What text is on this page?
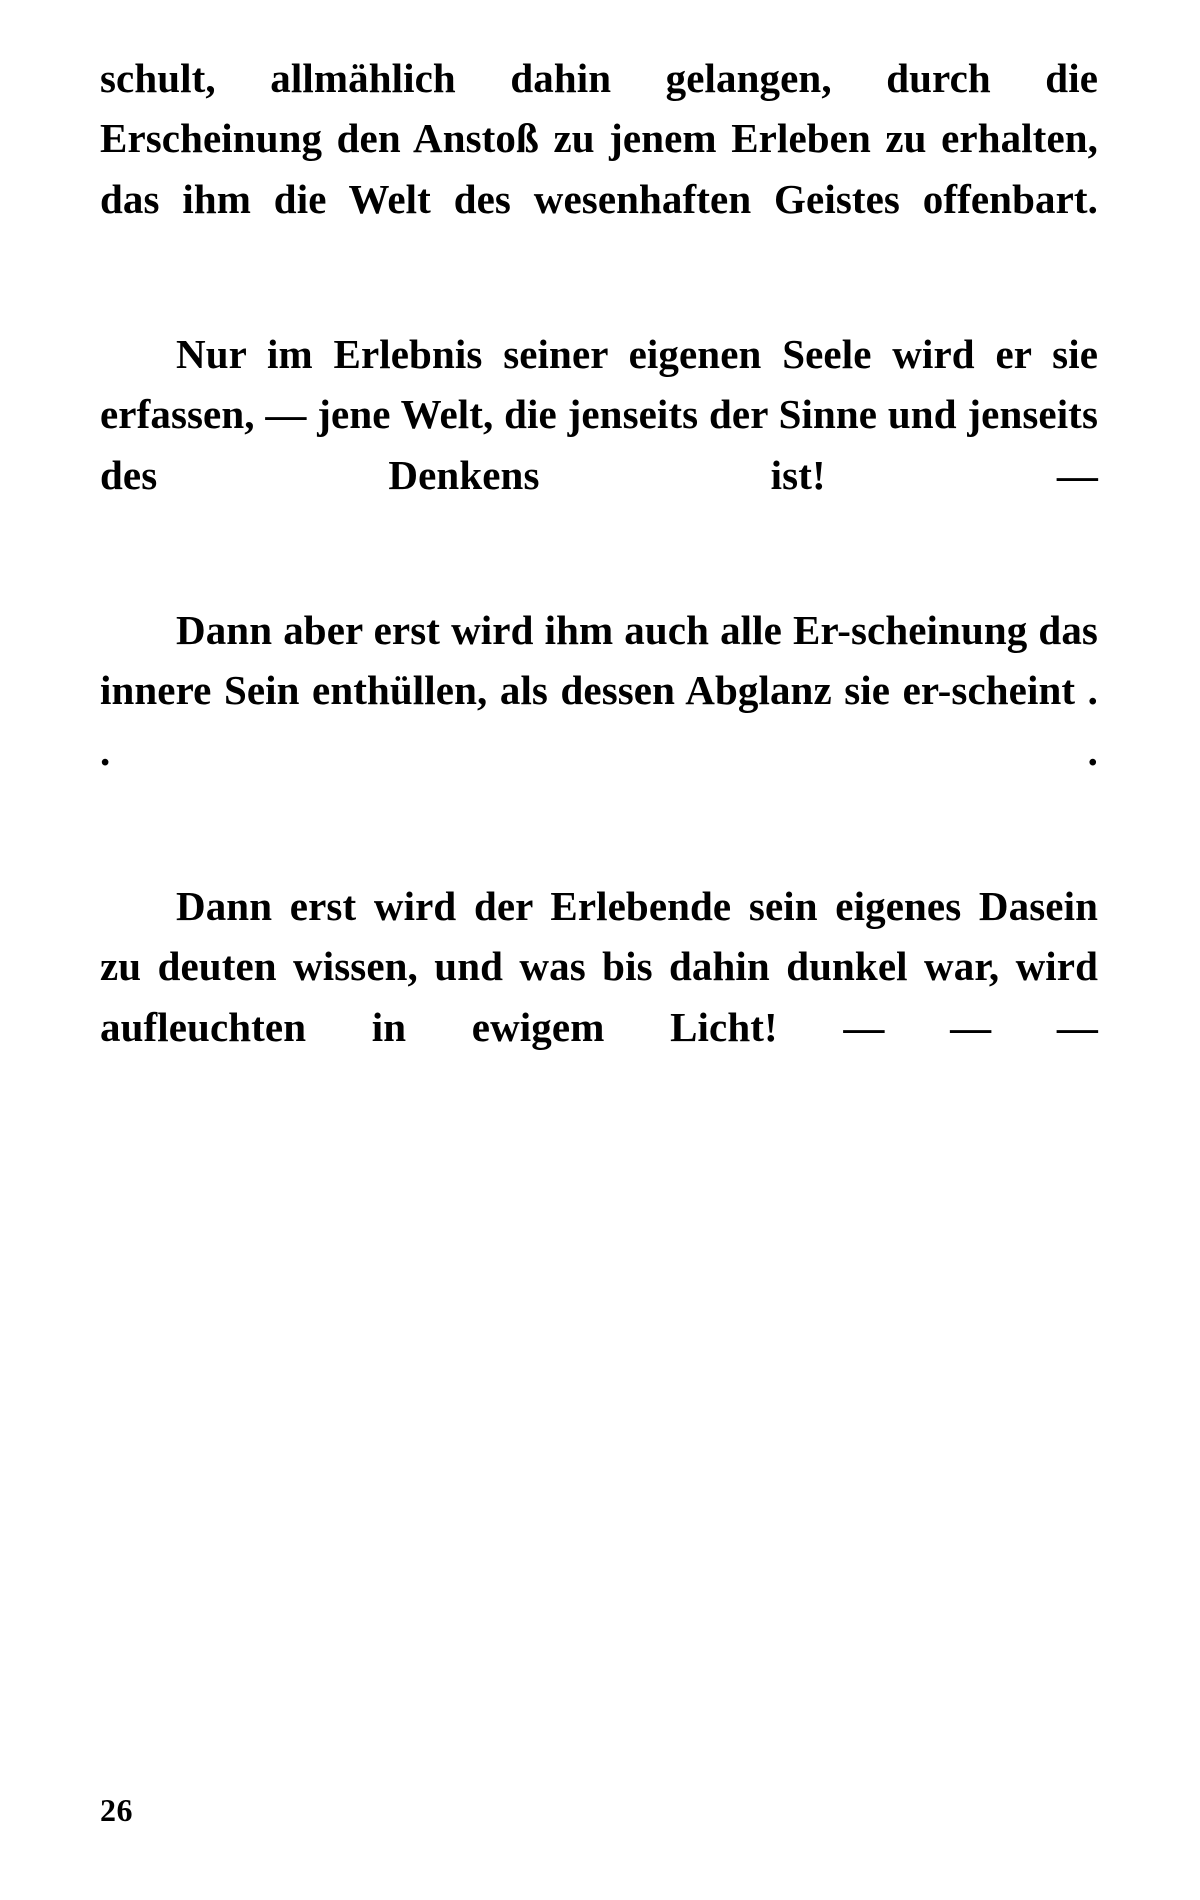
schult, allmählich dahin gelangen, durch die Erscheinung den Anstoß zu jenem Erleben zu erhalten, das ihm die Welt des wesenhaften Geistes offenbart.

Nur im Erlebnis seiner eigenen Seele wird er sie erfassen, — jene Welt, die jenseits der Sinne und jenseits des Denkens ist! —

Dann aber erst wird ihm auch alle Er-scheinung das innere Sein enthüllen, als dessen Abglanz sie er-scheint . . .

Dann erst wird der Erlebende sein eigenes Dasein zu deuten wissen, und was bis dahin dunkel war, wird aufleuchten in ewigem Licht! — — —

26
